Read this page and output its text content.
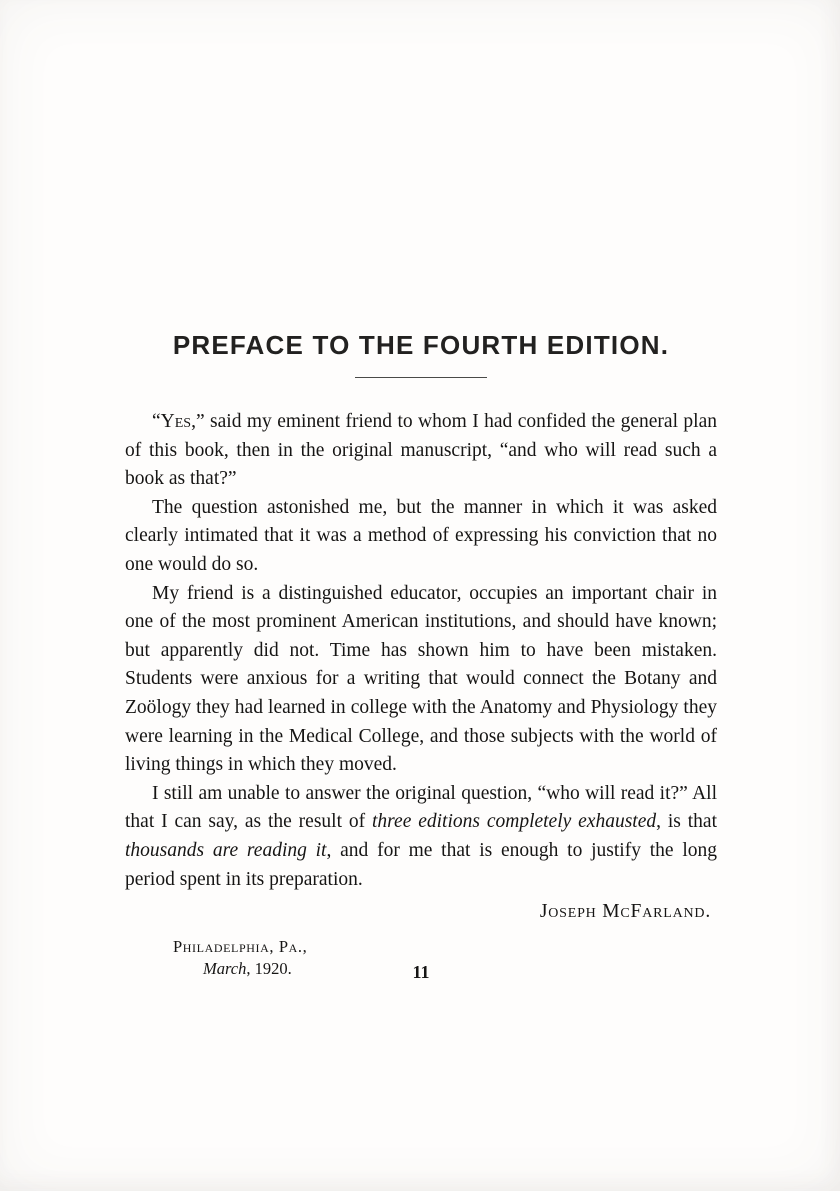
PREFACE TO THE FOURTH EDITION.

“Yes,” said my eminent friend to whom I had confided the general plan of this book, then in the original manuscript, “and who will read such a book as that?”

The question astonished me, but the manner in which it was asked clearly intimated that it was a method of expressing his conviction that no one would do so.

My friend is a distinguished educator, occupies an important chair in one of the most prominent American institutions, and should have known; but apparently did not. Time has shown him to have been mistaken. Students were anxious for a writing that would connect the Botany and Zoölogy they had learned in college with the Anatomy and Physiology they were learning in the Medical College, and those subjects with the world of living things in which they moved.

I still am unable to answer the original question, “who will read it?” All that I can say, as the result of three editions completely exhausted, is that thousands are reading it, and for me that is enough to justify the long period spent in its preparation.

Joseph McFarland.
Philadelphia, Pa.,
March, 1920.	11
